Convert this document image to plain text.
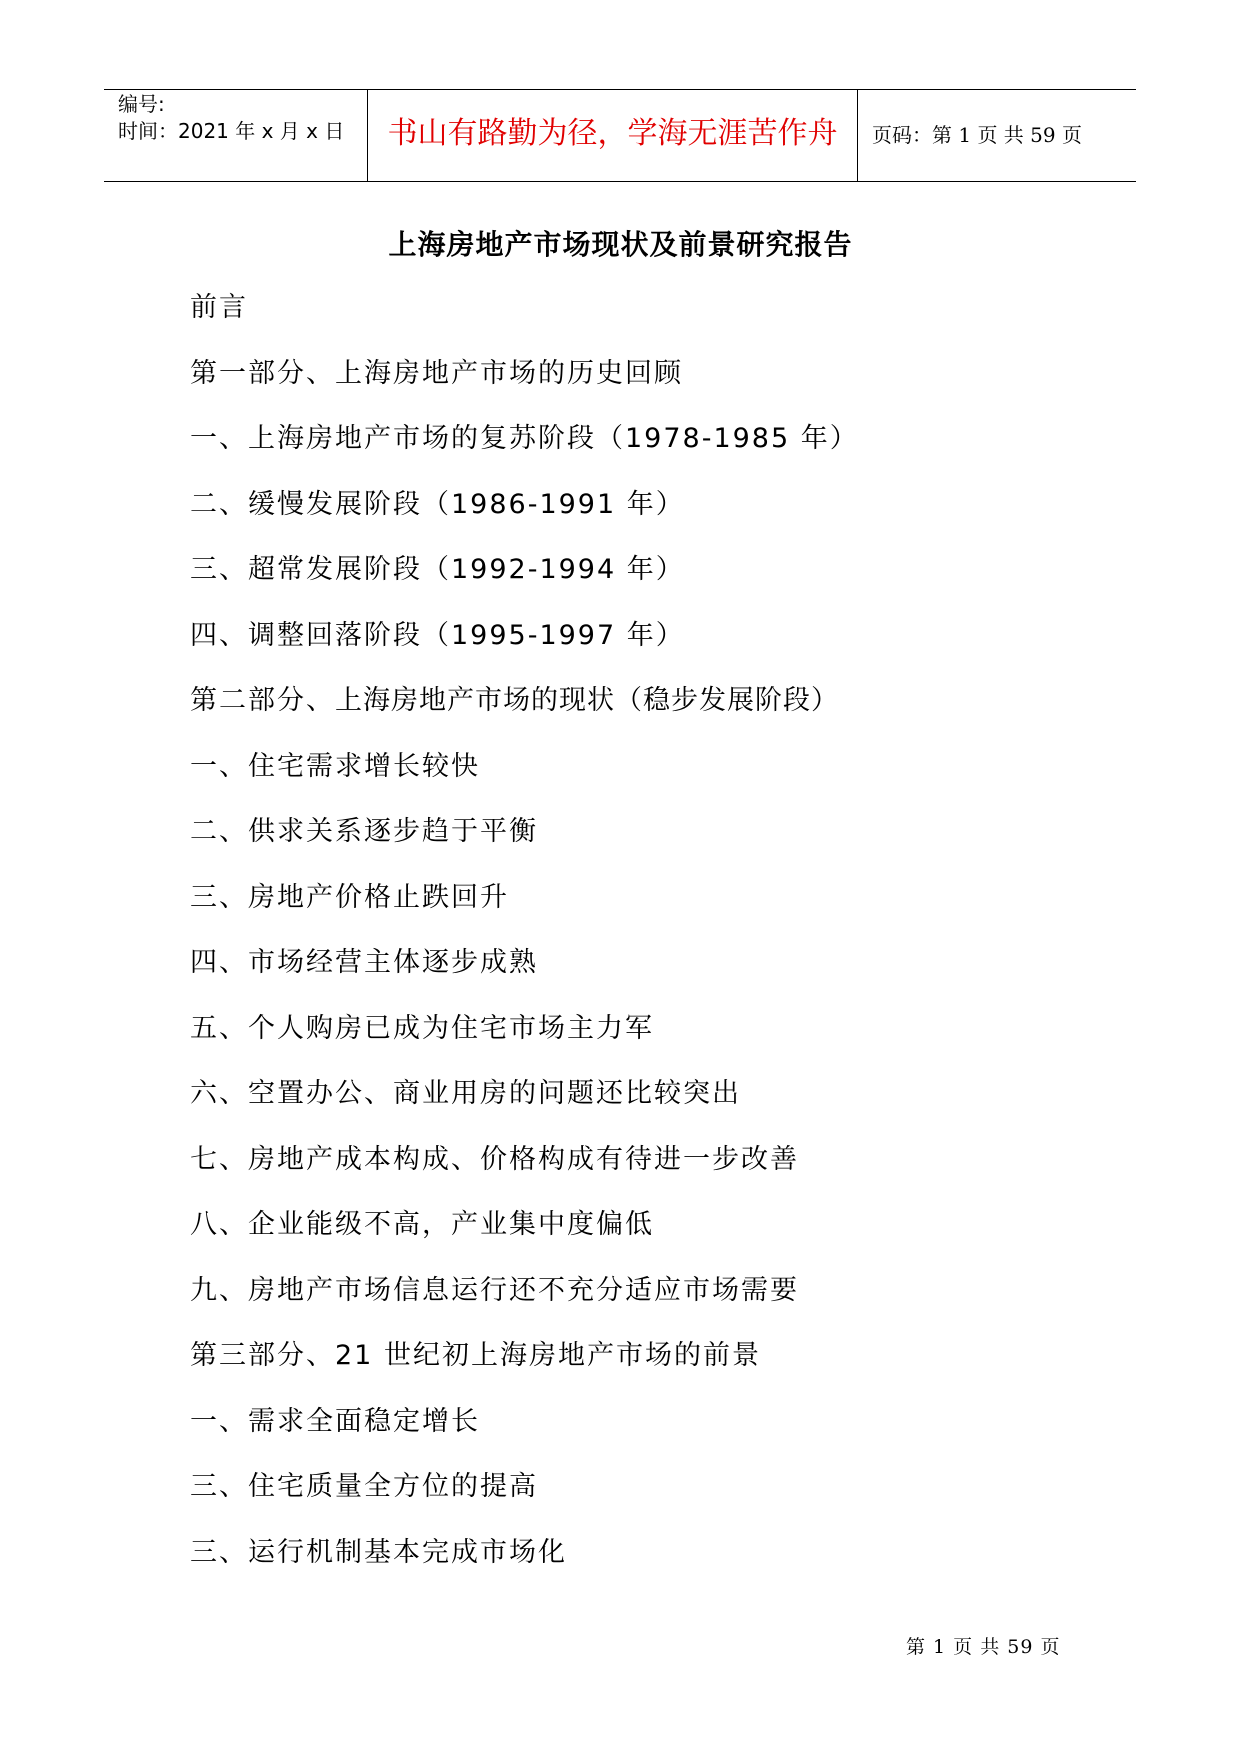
编号:
时间：2021 年 x 月 x 日	书山有路勤为径，学海无涯苦作舟	页码：第 1 页 共 59 页
上海房地产市场现状及前景研究报告
前言
第一部分、上海房地产市场的历史回顾
一、上海房地产市场的复苏阶段（1978-1985 年）
二、缓慢发展阶段（1986-1991 年）
三、超常发展阶段（1992-1994 年）
四、调整回落阶段（1995-1997 年）
第二部分、上海房地产市场的现状（稳步发展阶段）
一、住宅需求增长较快
二、供求关系逐步趋于平衡
三、房地产价格止跌回升
四、市场经营主体逐步成熟
五、个人购房已成为住宅市场主力军
六、空置办公、商业用房的问题还比较突出
七、房地产成本构成、价格构成有待进一步改善
八、企业能级不高，产业集中度偏低
九、房地产市场信息运行还不充分适应市场需要
第三部分、21 世纪初上海房地产市场的前景
一、需求全面稳定增长
三、住宅质量全方位的提高
三、运行机制基本完成市场化
第 1 页 共 59 页
